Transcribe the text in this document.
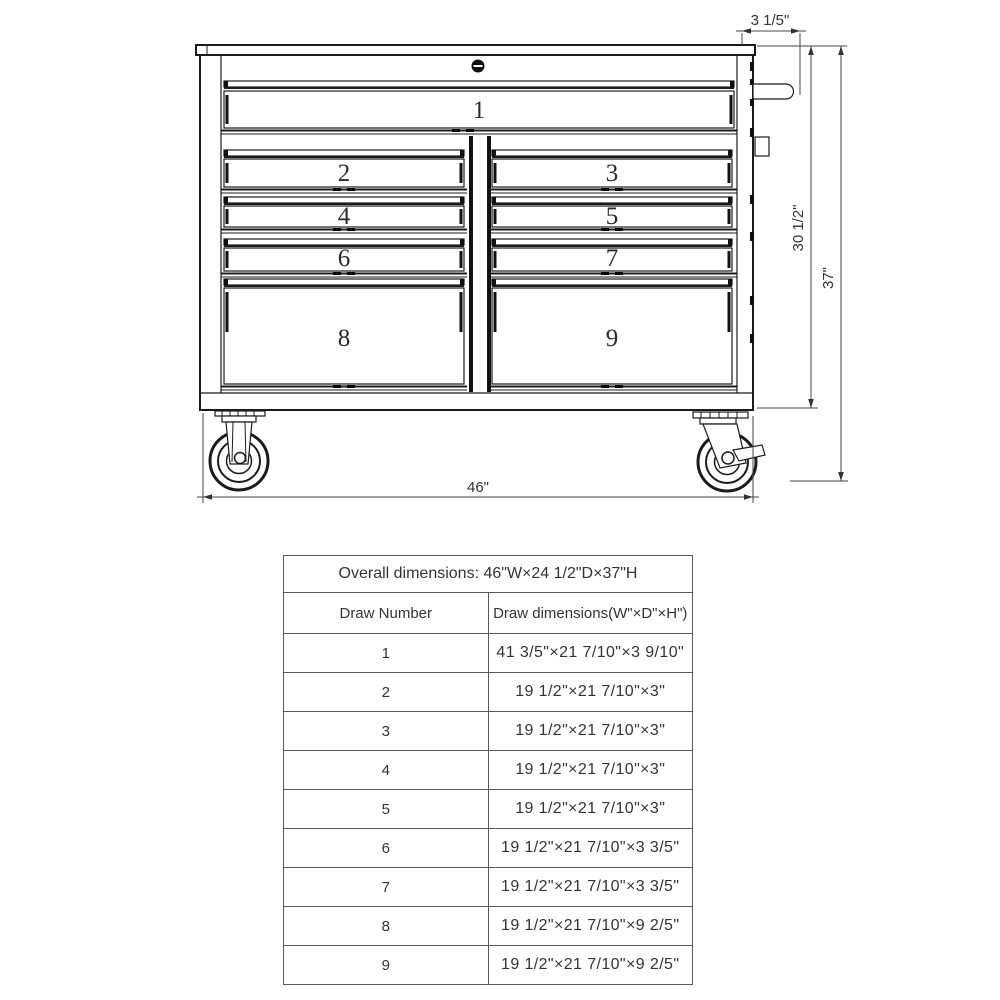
1
2	3
4	5
6	7
8	9
3 1/5"
30 1/2"
37"
46"
Overall dimensions: 46"W×24 1/2"D×37"H	
Draw Number	Draw dimensions(W"×D"×H")
1	41 3/5"×21 7/10"×3 9/10"
2	19 1/2"×21 7/10"×3"
3	19 1/2"×21 7/10"×3"
4	19 1/2"×21 7/10"×3"
5	19 1/2"×21 7/10"×3"
6	19 1/2"×21 7/10"×3 3/5"
7	19 1/2"×21 7/10"×3 3/5"
8	19 1/2"×21 7/10"×9 2/5"
9	19 1/2"×21 7/10"×9 2/5"
